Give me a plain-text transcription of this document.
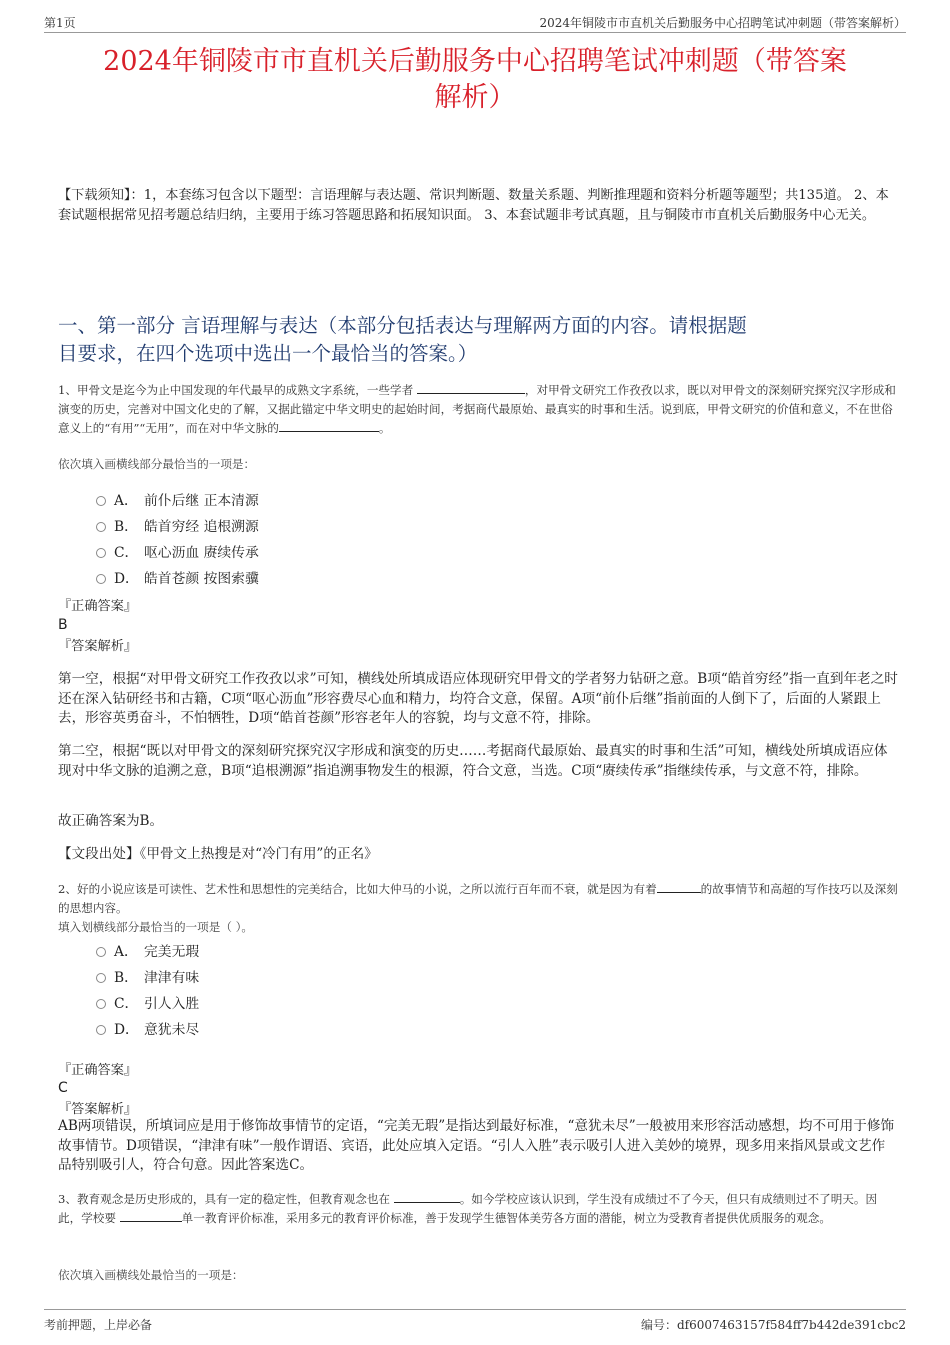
第1页	2024年铜陵市市直机关后勤服务中心招聘笔试冲刺题（带答案解析）
2024年铜陵市市直机关后勤服务中心招聘笔试冲刺题（带答案
解析）
【下载须知】：1，本套练习包含以下题型：言语理解与表达题、常识判断题、数量关系题、判断推理题和资料分析题等题型；共135道。 2、本套试题根据常见招考题总结归纳，主要用于练习答题思路和拓展知识面。 3、本套试题非考试真题，且与铜陵市市直机关后勤服务中心无关。
一、第一部分 言语理解与表达（本部分包括表达与理解两方面的内容。请根据题
目要求，在四个选项中选出一个最恰当的答案。）
1、甲骨文是迄今为止中国发现的年代最早的成熟文字系统，一些学者	，对甲骨文研究工作孜孜以求，既以对甲骨文的深刻研究探究汉字形成和演变的历史，完善对中国文化史的了解，又据此锚定中华文明史的起始时间，考据商代最原始、最真实的时事和生活。说到底，甲骨文研究的价值和意义，不在世俗意义上的“有用”“无用”，而在对中华文脉的	。
依次填入画横线部分最恰当的一项是：
A． 前仆后继 正本清源
B． 皓首穷经 追根溯源
C． 呕心沥血 赓续传承
D． 皓首苍颜 按图索骥
『正确答案』
B
『答案解析』
第一空，根据“对甲骨文研究工作孜孜以求”可知，横线处所填成语应体现研究甲骨文的学者努力钻研之意。B项“皓首穷经”指一直到年老之时还在深入钻研经书和古籍，C项“呕心沥血”形容费尽心血和精力，均符合文意，保留。A项“前仆后继”指前面的人倒下了，后面的人紧跟上去，形容英勇奋斗，不怕牺牲，D项“皓首苍颜”形容老年人的容貌，均与文意不符，排除。
第二空，根据“既以对甲骨文的深刻研究探究汉字形成和演变的历史……考据商代最原始、最真实的时事和生活”可知，横线处所填成语应体现对中华文脉的追溯之意，B项“追根溯源”指追溯事物发生的根源，符合文意，当选。C项“赓续传承”指继续传承，与文意不符，排除。
故正确答案为B。
【文段出处】《甲骨文上热搜是对“冷门有用”的正名》
2、好的小说应该是可读性、艺术性和思想性的完美结合，比如大仲马的小说，之所以流行百年而不衰，就是因为有着	的故事情节和高超的写作技巧以及深刻的思想内容。
填入划横线部分最恰当的一项是（ ）。
A． 完美无瑕
B． 津津有味
C． 引人入胜
D． 意犹未尽
『正确答案』
C
『答案解析』
AB两项错误，所填词应是用于修饰故事情节的定语，“完美无瑕”是指达到最好标准，“意犹未尽”一般被用来形容活动感想，均不可用于修饰故事情节。D项错误，“津津有味”一般作谓语、宾语，此处应填入定语。“引人入胜”表示吸引人进入美妙的境界，现多用来指风景或文艺作品特别吸引人，符合句意。因此答案选C。
3、教育观念是历史形成的，具有一定的稳定性，但教育观念也在	。如今学校应该认识到，学生没有成绩过不了今天，但只有成绩则过不了明天。因此，学校要	单一教育评价标准，采用多元的教育评价标准，善于发现学生德智体美劳各方面的潜能，树立为受教育者提供优质服务的观念。
依次填入画横线处最恰当的一项是：
考前押题，上岸必备	编号：df6007463157f584ff7b442de391cbc2
